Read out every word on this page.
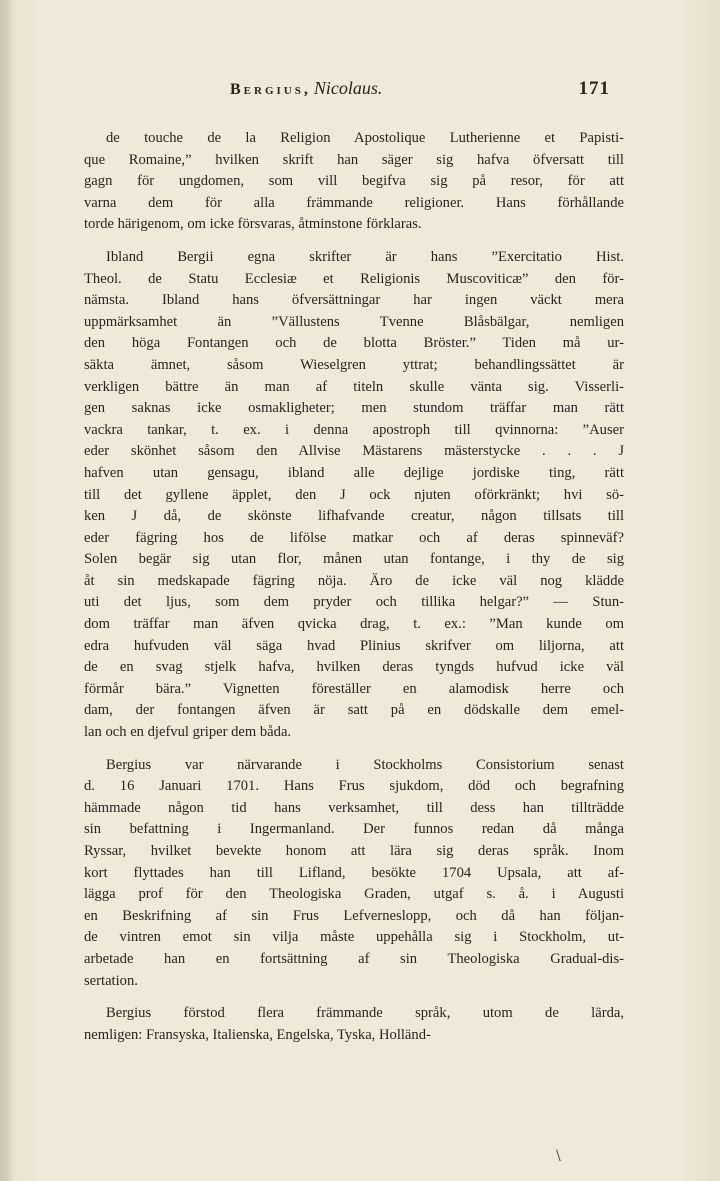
Bergius, Nicolaus.	171
de touche de la Religion Apostolique Lutherienne et Papisti-
que Romaine,” hvilken skrift han säger sig hafva öfversatt till
gagn för ungdomen, som vill begifva sig på resor, för att
varna dem för alla främmande religioner. Hans förhållande
torde härigenom, om icke försvaras, åtminstone förklaras.
Ibland Bergii egna skrifter är hans ”Exercitatio Hist.
Theol. de Statu Ecclesiæ et Religionis Muscoviticæ” den för-
nämsta. Ibland hans öfversättningar har ingen väckt mera
uppmärksamhet än ”Vällustens Tvenne Blåsbälgar, nemligen
den höga Fontangen och de blotta Bröster.” Tiden må ur-
säkta ämnet, såsom Wieselgren yttrat; behandlingssättet är
verkligen bättre än man af titeln skulle vänta sig. Visserli-
gen saknas icke osmakligheter; men stundom träffar man rätt
vackra tankar, t. ex. i denna apostroph till qvinnorna: ”Auser
eder skönhet såsom den Allvise Mästarens mästerstycke . . . J
hafven utan gensagu, ibland alle dejlige jordiske ting, rätt
till det gyllene äpplet, den J ock njuten oförkränkt; hvi sö-
ken J då, de skönste lifhafvande creatur, någon tillsats till
eder fägring hos de lifölse matkar och af deras spinneväf?
Solen begär sig utan flor, månen utan fontange, i thy de sig
åt sin medskapade fägring nöja. Äro de icke väl nog klädde
uti det ljus, som dem pryder och tillika helgar?” — Stun-
dom träffar man äfven qvicka drag, t. ex.: ”Man kunde om
edra hufvuden väl säga hvad Plinius skrifver om liljorna, att
de en svag stjelk hafva, hvilken deras tyngds hufvud icke väl
förmår bära.” Vignetten föreställer en alamodisk herre och
dam, der fontangen äfven är satt på en dödskalle dem emel-
lan och en djefvul griper dem båda.
Bergius var närvarande i Stockholms Consistorium senast
d. 16 Januari 1701. Hans Frus sjukdom, död och begrafning
hämmade någon tid hans verksamhet, till dess han tillträdde
sin befattning i Ingermanland. Der funnos redan då många
Ryssar, hvilket bevekte honom att lära sig deras språk. Inom
kort flyttades han till Lifland, besökte 1704 Upsala, att af-
lägga prof för den Theologiska Graden, utgaf s. å. i Augusti
en Beskrifning af sin Frus Lefverneslopp, och då han följan-
de vintren emot sin vilja måste uppehålla sig i Stockholm, ut-
arbetade han en fortsättning af sin Theologiska Gradual-dis-
sertation.
Bergius förstod flera främmande språk, utom de lärda,
nemligen: Fransyska, Italienska, Engelska, Tyska, Holländ-
\
